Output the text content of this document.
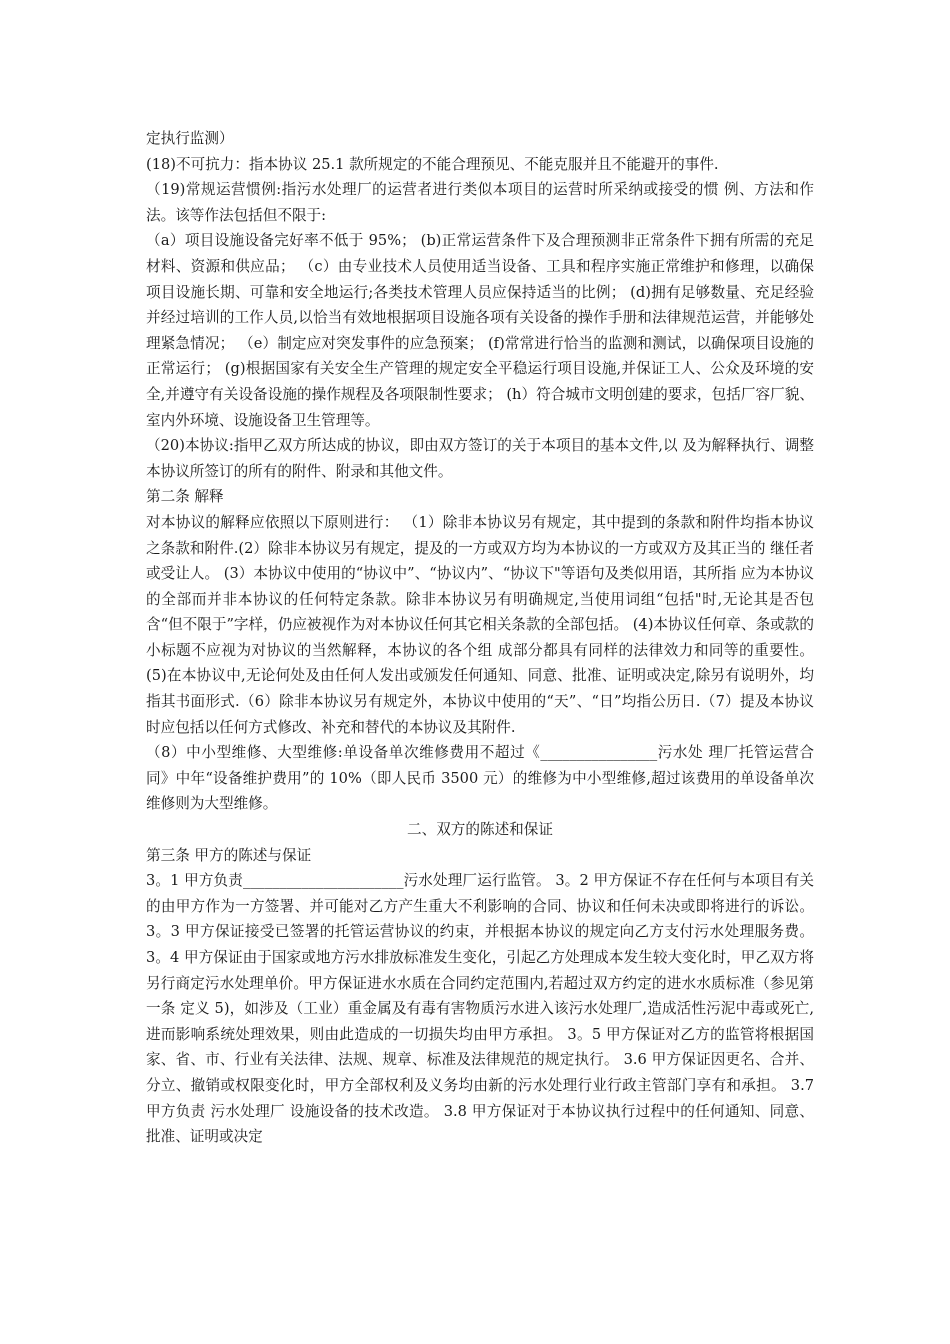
定执行监测）

(18)不可抗力：指本协议 25.1 款所规定的不能合理预见、不能克服并且不能避开的事件.

（19)常规运营惯例:指污水处理厂的运营者进行类似本项目的运营时所采纳或接受的惯 例、方法和作法。该等作法包括但不限于:

（a）项目设施设备完好率不低于 95%； (b)正常运营条件下及合理预测非正常条件下拥有所需的充足材料、资源和供应品； （c）由专业技术人员使用适当设备、工具和程序实施正常维护和修理，以确保项目设施长期、可靠和安全地运行;各类技术管理人员应保持适当的比例； (d)拥有足够数量、充足经验并经过培训的工作人员,以恰当有效地根据项目设施各项有关设备的操作手册和法律规范运营，并能够处理紧急情况； （e）制定应对突发事件的应急预案； (f)常常进行恰当的监测和测试，以确保项目设施的正常运行； (g)根据国家有关安全生产管理的规定安全平稳运行项目设施,并保证工人、公众及环境的安全,并遵守有关设备设施的操作规程及各项限制性要求； (h）符合城市文明创建的要求，包括厂容厂貌、室内外环境、设施设备卫生管理等。

（20)本协议:指甲乙双方所达成的协议，即由双方签订的关于本项目的基本文件,以 及为解释执行、调整本协议所签订的所有的附件、附录和其他文件。

第二条 解释

对本协议的解释应依照以下原则进行： （1）除非本协议另有规定，其中提到的条款和附件均指本协议之条款和附件.(2）除非本协议另有规定，提及的一方或双方均为本协议的一方或双方及其正当的 继任者或受让人。 (3）本协议中使用的“协议中”、“协议内”、“协议下"等语句及类似用语，其所指 应为本协议的全部而并非本协议的任何特定条款。除非本协议另有明确规定,当使用词组“包括"时,无论其是否包含“但不限于”字样，仍应被视作为对本协议任何其它相关条款的全部包括。 (4)本协议任何章、条或款的小标题不应视为对协议的当然解释，本协议的各个组 成部分都具有同样的法律效力和同等的重要性。 (5)在本协议中,无论何处及由任何人发出或颁发任何通知、同意、批准、证明或决定,除另有说明外，均指其书面形式.（6）除非本协议另有规定外，本协议中使用的“天”、“日”均指公历日.（7）提及本协议时应包括以任何方式修改、补充和替代的本协议及其附件.

（8）中小型维修、大型维修:单设备单次维修费用不超过《________________污水处 理厂托管运营合同》中年“设备维护费用”的 10%（即人民币 3500 元）的维修为中小型维修,超过该费用的单设备单次维修则为大型维修。

二、双方的陈述和保证

第三条 甲方的陈述与保证

3。1 甲方负责______________________污水处理厂运行监管。 3。2 甲方保证不存在任何与本项目有关的由甲方作为一方签署、并可能对乙方产生重大不利影响的合同、协议和任何未决或即将进行的诉讼。 3。3 甲方保证接受已签署的托管运营协议的约束，并根据本协议的规定向乙方支付污水处理服务费。 3。4 甲方保证由于国家或地方污水排放标准发生变化，引起乙方处理成本发生较大变化时，甲乙双方将另行商定污水处理单价。甲方保证进水水质在合同约定范围内,若超过双方约定的进水水质标准（参见第一条 定义 5)，如涉及（工业）重金属及有毒有害物质污水进入该污水处理厂,造成活性污泥中毒或死亡,进而影响系统处理效果，则由此造成的一切损失均由甲方承担。 3。5 甲方保证对乙方的监管将根据国家、省、市、行业有关法律、法规、规章、标准及法律规范的规定执行。 3.6 甲方保证因更名、合并、分立、撤销或权限变化时，甲方全部权利及义务均由新的污水处理行业行政主管部门享有和承担。 3.7 甲方负责 污水处理厂 设施设备的技术改造。 3.8 甲方保证对于本协议执行过程中的任何通知、同意、批准、证明或决定
